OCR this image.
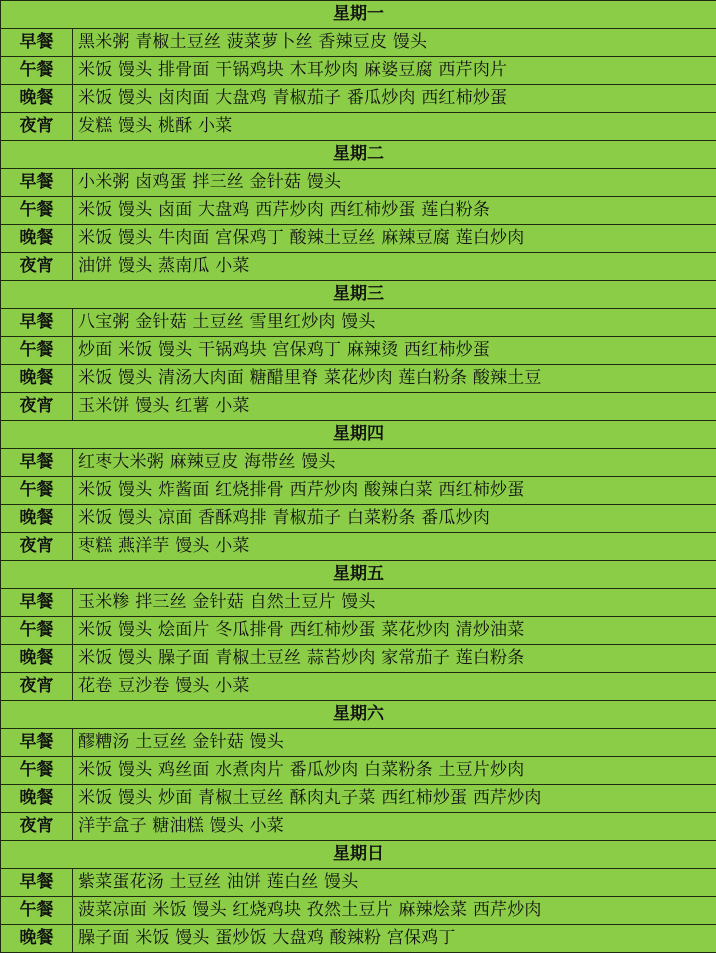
星期一	
早餐	黑米粥 青椒土豆丝 菠菜萝卜丝 香辣豆皮 馒头
午餐	米饭 馒头 排骨面 干锅鸡块 木耳炒肉 麻婆豆腐 西芹肉片
晚餐	米饭 馒头 卤肉面 大盘鸡 青椒茄子 番瓜炒肉 西红柿炒蛋
夜宵	发糕 馒头 桃酥 小菜
星期二	
早餐	小米粥 卤鸡蛋 拌三丝 金针菇 馒头
午餐	米饭 馒头 卤面 大盘鸡 西芹炒肉 西红柿炒蛋 莲白粉条
晚餐	米饭 馒头 牛肉面 宫保鸡丁 酸辣土豆丝 麻辣豆腐 莲白炒肉
夜宵	油饼 馒头 蒸南瓜 小菜
星期三	
早餐	八宝粥 金针菇 土豆丝 雪里红炒肉 馒头
午餐	炒面 米饭 馒头 干锅鸡块 宫保鸡丁 麻辣烫 西红柿炒蛋
晚餐	米饭 馒头 清汤大肉面 糖醋里脊 菜花炒肉 莲白粉条 酸辣土豆
夜宵	玉米饼 馒头 红薯 小菜
星期四	
早餐	红枣大米粥 麻辣豆皮 海带丝 馒头
午餐	米饭 馒头 炸酱面 红烧排骨 西芹炒肉 酸辣白菜 西红柿炒蛋
晚餐	米饭 馒头 凉面 香酥鸡排 青椒茄子 白菜粉条 番瓜炒肉
夜宵	枣糕 燕洋芋 馒头 小菜
星期五	
早餐	玉米糁 拌三丝 金针菇 自然土豆片 馒头
午餐	米饭 馒头 烩面片 冬瓜排骨 西红柿炒蛋 菜花炒肉 清炒油菜
晚餐	米饭 馒头 臊子面 青椒土豆丝 蒜苔炒肉 家常茄子 莲白粉条
夜宵	花卷 豆沙卷 馒头 小菜
星期六	
早餐	醪糟汤 土豆丝 金针菇 馒头
午餐	米饭 馒头 鸡丝面 水煮肉片 番瓜炒肉 白菜粉条 土豆片炒肉
晚餐	米饭 馒头 炒面 青椒土豆丝 酥肉丸子菜 西红柿炒蛋 西芹炒肉
夜宵	洋芋盒子 糖油糕 馒头 小菜
星期日	
早餐	紫菜蛋花汤 土豆丝 油饼 莲白丝 馒头
午餐	菠菜凉面 米饭 馒头 红烧鸡块 孜然土豆片 麻辣烩菜 西芹炒肉
晚餐	臊子面 米饭 馒头 蛋炒饭 大盘鸡 酸辣粉 宫保鸡丁
